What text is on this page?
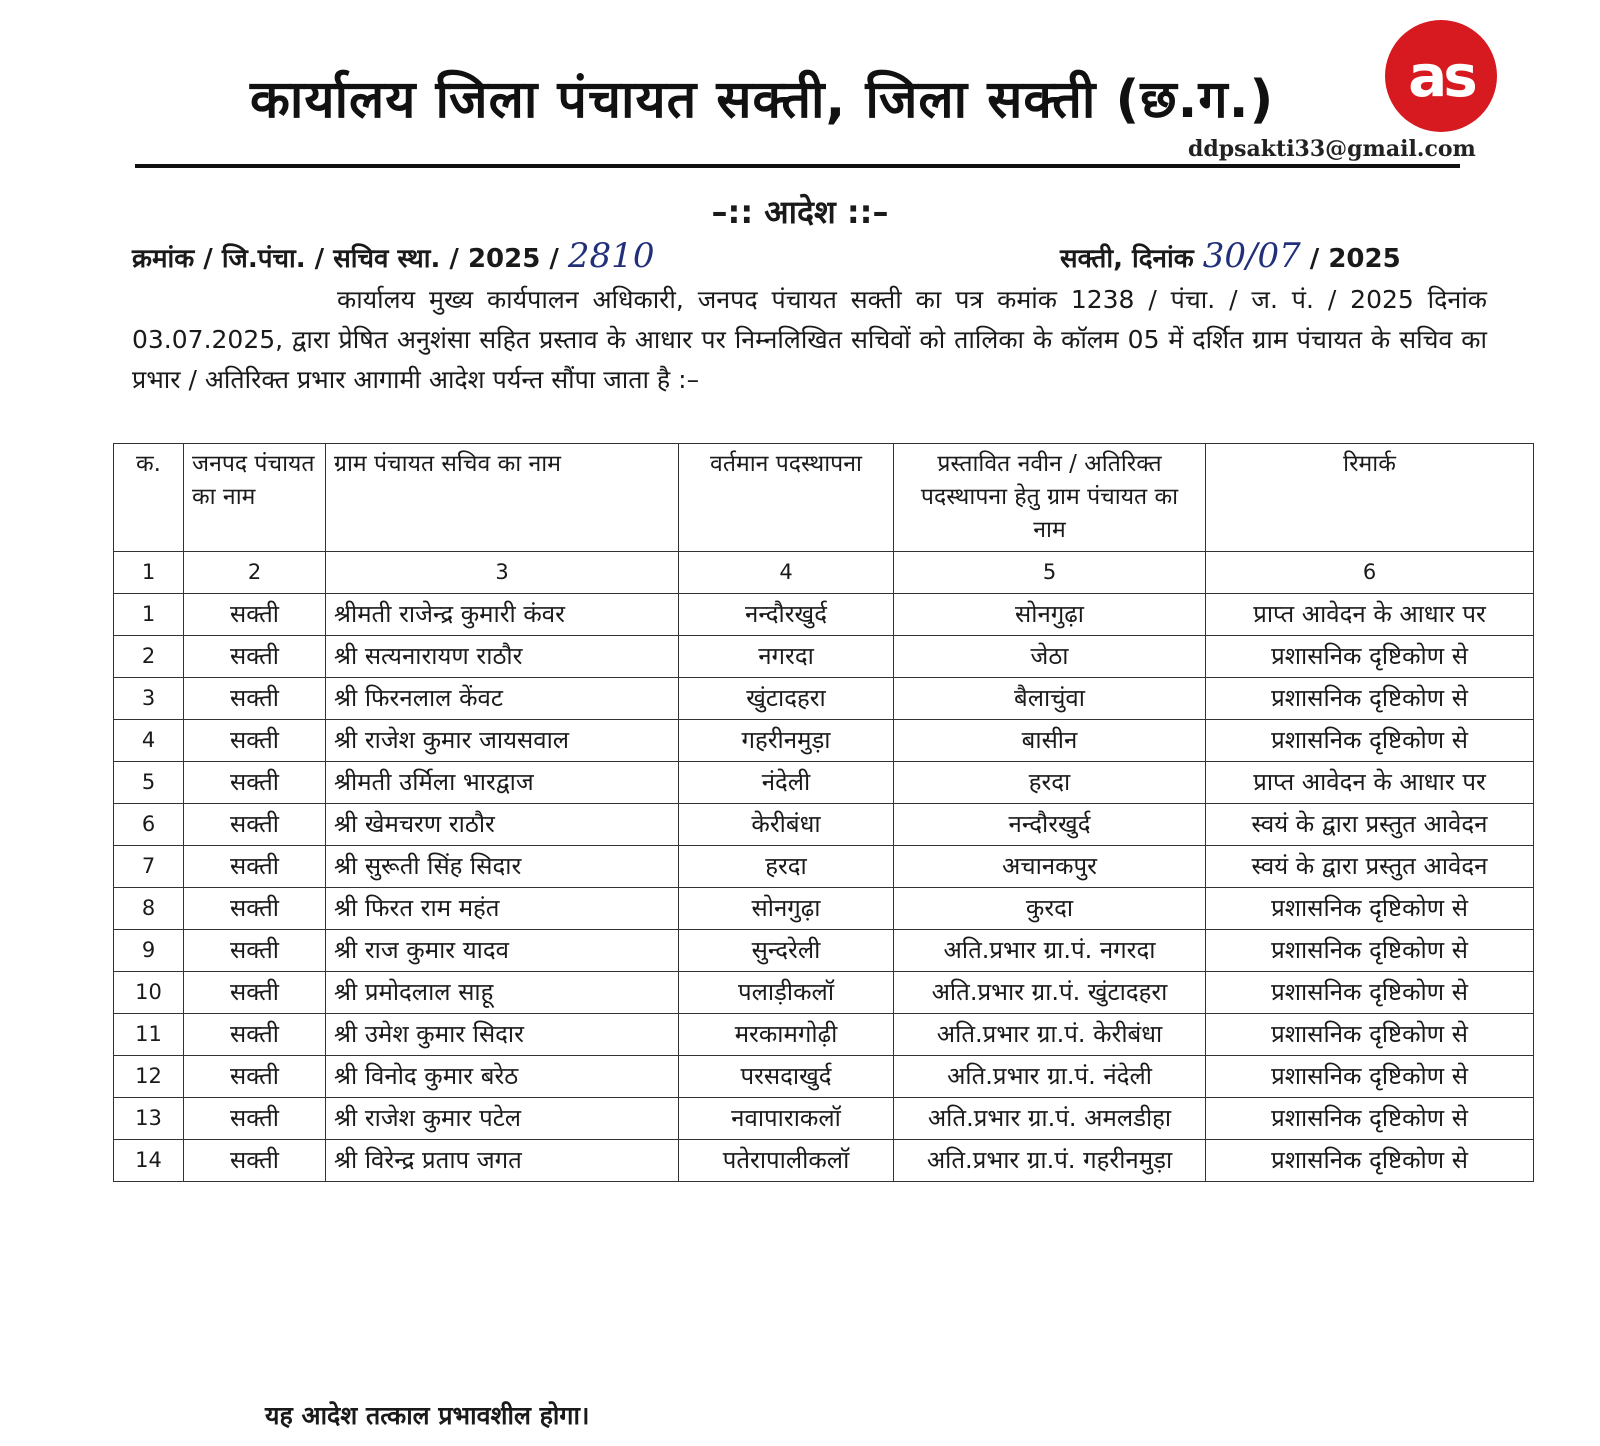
कार्यालय जिला पंचायत सक्ती, जिला सक्ती (छ.ग.)	as
ddpsakti33@gmail.com
–:: आदेश ::–
क्रमांक / जि.पंचा. / सचिव स्था. / 2025 / 2810	सक्ती, दिनांक 30/07 / 2025
कार्यालय मुख्य कार्यपालन अधिकारी, जनपद पंचायत सक्ती का पत्र कमांक 1238 / पंचा. / ज. पं. / 2025 दिनांक 03.07.2025, द्वारा प्रेषित अनुशंसा सहित प्रस्ताव के आधार पर निम्नलिखित सचिवों को तालिका के कॉलम 05 में दर्शित ग्राम पंचायत के सचिव का प्रभार / अतिरिक्त प्रभार आगामी आदेश पर्यन्त सौंपा जाता है :–
क.	जनपद पंचायत का नाम	ग्राम पंचायत सचिव का नाम	वर्तमान पदस्थापना	प्रस्तावित नवीन / अतिरिक्त पदस्थापना हेतु ग्राम पंचायत का नाम	रिमार्क
1	2	3	4	5	6
1	सक्ती	श्रीमती राजेन्द्र कुमारी कंवर	नन्दौरखुर्द	सोनगुढ़ा	प्राप्त आवेदन के आधार पर
2	सक्ती	श्री सत्यनारायण राठौर	नगरदा	जेठा	प्रशासनिक दृष्टिकोण से
3	सक्ती	श्री फिरनलाल केंवट	खुंटादहरा	बैलाचुंवा	प्रशासनिक दृष्टिकोण से
4	सक्ती	श्री राजेश कुमार जायसवाल	गहरीनमुड़ा	बासीन	प्रशासनिक दृष्टिकोण से
5	सक्ती	श्रीमती उर्मिला भारद्वाज	नंदेली	हरदा	प्राप्त आवेदन के आधार पर
6	सक्ती	श्री खेमचरण राठौर	केरीबंधा	नन्दौरखुर्द	स्वयं के द्वारा प्रस्तुत आवेदन
7	सक्ती	श्री सुरूती सिंह सिदार	हरदा	अचानकपुर	स्वयं के द्वारा प्रस्तुत आवेदन
8	सक्ती	श्री फिरत राम महंत	सोनगुढ़ा	कुरदा	प्रशासनिक दृष्टिकोण से
9	सक्ती	श्री राज कुमार यादव	सुन्दरेली	अति.प्रभार ग्रा.पं. नगरदा	प्रशासनिक दृष्टिकोण से
10	सक्ती	श्री प्रमोदलाल साहू	पलाड़ीकलॉ	अति.प्रभार ग्रा.पं. खुंटादहरा	प्रशासनिक दृष्टिकोण से
11	सक्ती	श्री उमेश कुमार सिदार	मरकामगोढ़ी	अति.प्रभार ग्रा.पं. केरीबंधा	प्रशासनिक दृष्टिकोण से
12	सक्ती	श्री विनोद कुमार बरेठ	परसदाखुर्द	अति.प्रभार ग्रा.पं. नंदेली	प्रशासनिक दृष्टिकोण से
13	सक्ती	श्री राजेश कुमार पटेल	नवापाराकलॉ	अति.प्रभार ग्रा.पं. अमलडीहा	प्रशासनिक दृष्टिकोण से
14	सक्ती	श्री विरेन्द्र प्रताप जगत	पतेरापालीकलॉ	अति.प्रभार ग्रा.पं. गहरीनमुड़ा	प्रशासनिक दृष्टिकोण से
यह आदेश तत्काल प्रभावशील होगा।
